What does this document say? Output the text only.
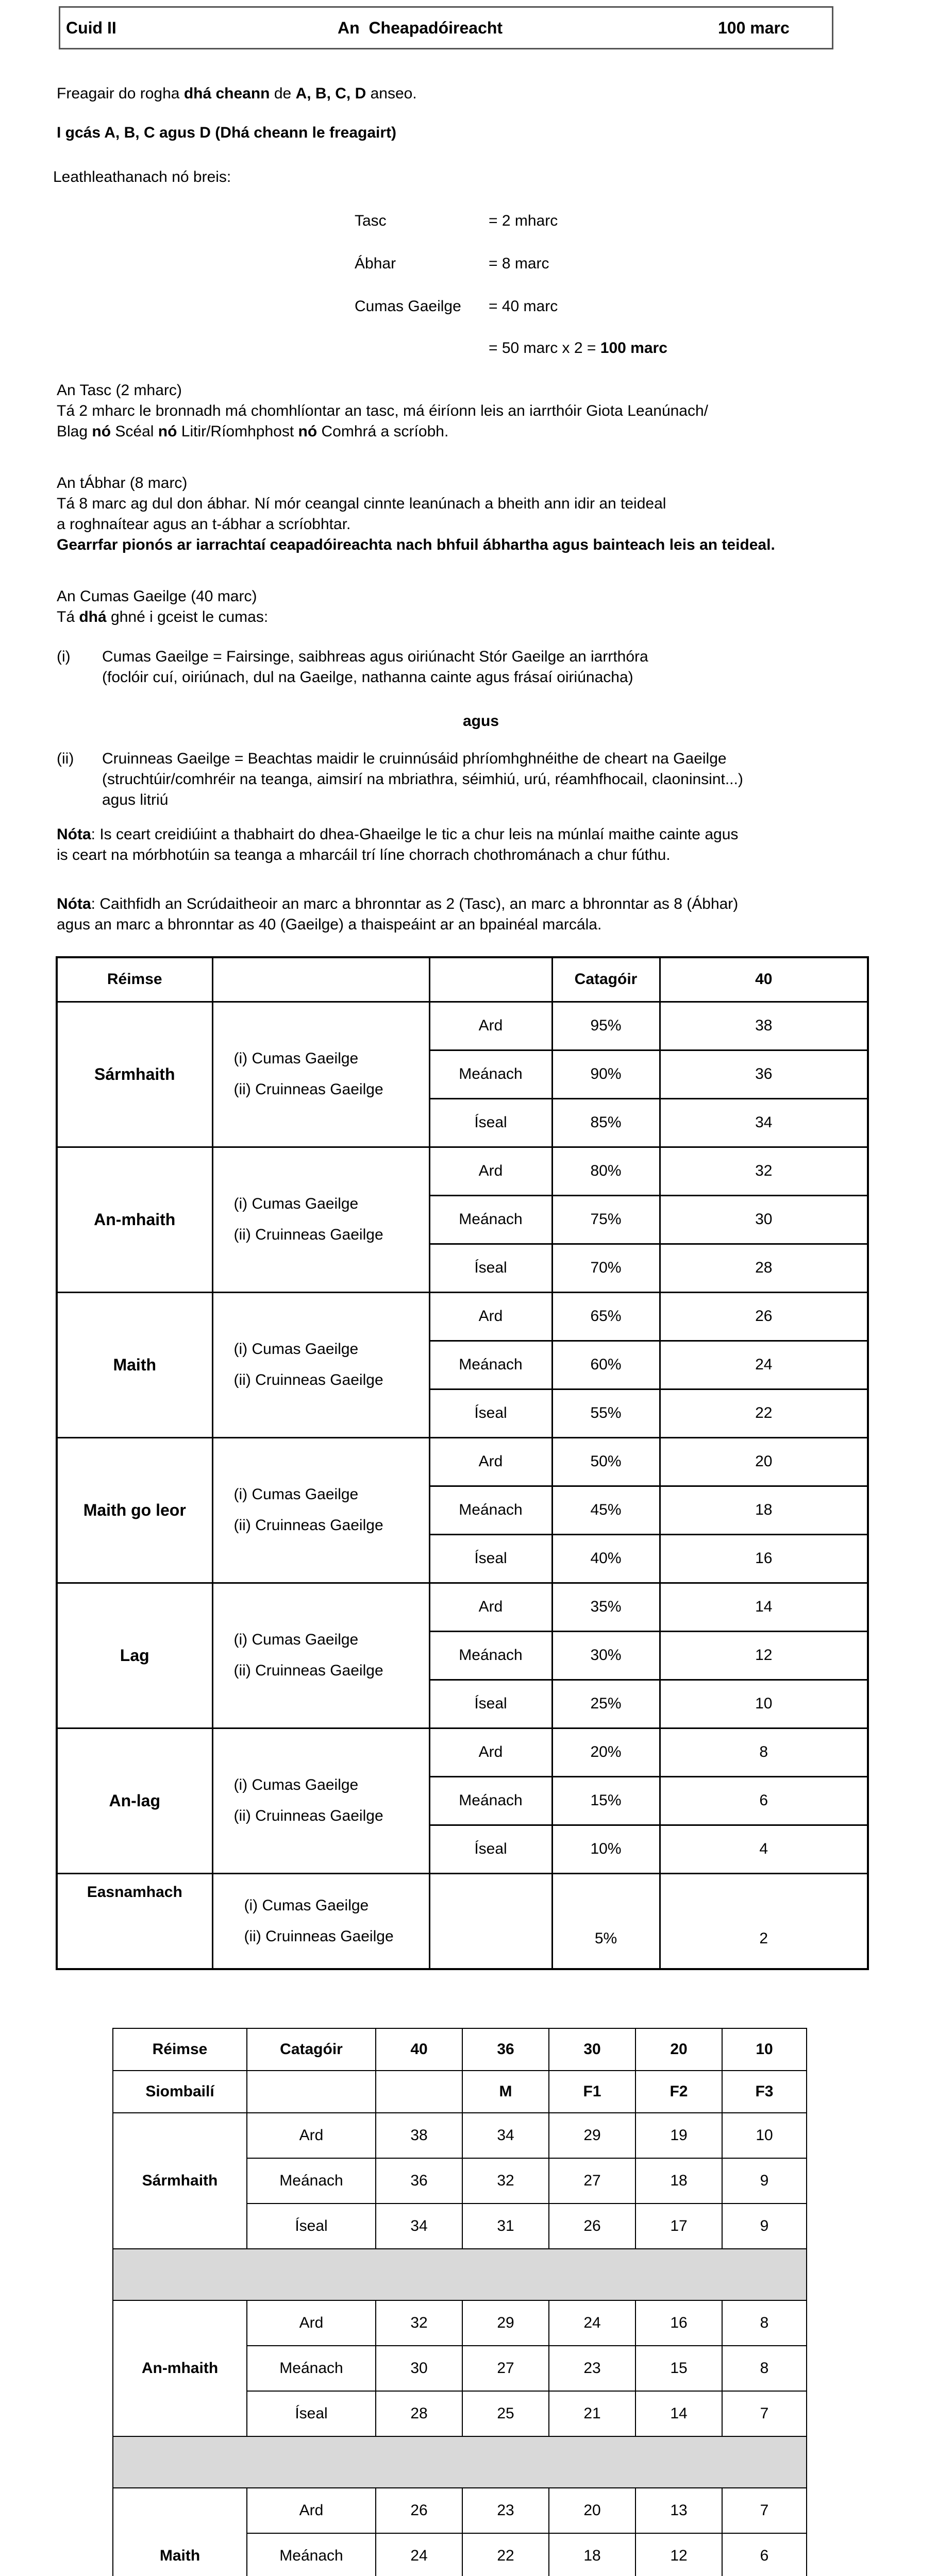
Cuid II	An  Cheapadóireacht	100 marc
Freagair do rogha dhá cheann de A, B, C, D anseo.
I gcás A, B, C agus D (Dhá cheann le freagairt)
Leathleathanach nó breis:
Tasc	= 2 mharc
Ábhar	= 8 marc
Cumas Gaeilge = 40 marc
= 50 marc x 2 = 100 marc
An Tasc (2 mharc)
Tá 2 mharc le bronnadh má chomhlíontar an tasc, má éiríonn leis an iarrthóir Giota Leanúnach/
Blag nó Scéal nó Litir/Ríomhphost nó Comhrá a scríobh.
An tÁbhar (8 marc)
Tá 8 marc ag dul don ábhar. Ní mór ceangal cinnte leanúnach a bheith ann idir an teideal
a roghnaítear agus an t-ábhar a scríobhtar.
Gearrfar pionós ar iarrachtaí ceapadóireachta nach bhfuil ábhartha agus bainteach leis an teideal.
An Cumas Gaeilge (40 marc)
Tá dhá ghné i gceist le cumas:
(i) Cumas Gaeilge = Fairsinge, saibhreas agus oiriúnacht Stór Gaeilge an iarrthóra
(foclóir cuí, oiriúnach, dul na Gaeilge, nathanna cainte agus frásaí oiriúnacha)
agus
(ii) Cruinneas Gaeilge = Beachtas maidir le cruinnúsáid phríomhghnéithe de cheart na Gaeilge
(struchtúir/comhréir na teanga, aimsirí na mbriathra, séimhiú, urú, réamhfhocail, claoninsint...)
agus litriú
Nóta: Is ceart creidiúint a thabhairt do dhea-Ghaeilge le tic a chur leis na múnlaí maithe cainte agus
is ceart na mórbhotúin sa teanga a mharcáil trí líne chorrach chothrománach a chur fúthu.
Nóta: Caithfidh an Scrúdaitheoir an marc a bhronntar as 2 (Tasc), an marc a bhronntar as 8 (Ábhar)
agus an marc a bhronntar as 40 (Gaeilge) a thaispeáint ar an bpainéal marcála.
Réimse			Catagóir	40
Sármhaith	(i) Cumas Gaeilge
(ii) Cruinneas Gaeilge	Ard	95%	38
		Meánach	90%	36
		Íseal	85%	34
An-mhaith	(i) Cumas Gaeilge
(ii) Cruinneas Gaeilge	Ard	80%	32
		Meánach	75%	30
		Íseal	70%	28
Maith	(i) Cumas Gaeilge
(ii) Cruinneas Gaeilge	Ard	65%	26
		Meánach	60%	24
		Íseal	55%	22
Maith go leor	(i) Cumas Gaeilge
(ii) Cruinneas Gaeilge	Ard	50%	20
		Meánach	45%	18
		Íseal	40%	16
Lag	(i) Cumas Gaeilge
(ii) Cruinneas Gaeilge	Ard	35%	14
		Meánach	30%	12
		Íseal	25%	10
An-lag	(i) Cumas Gaeilge
(ii) Cruinneas Gaeilge	Ard	20%	8
		Meánach	15%	6
		Íseal	10%	4
Easnamhach	(i) Cumas Gaeilge
(ii) Cruinneas Gaeilge		5%	2
Réimse	Catagóir	40	36	30	20	10
Siombailí			M	F1	F2	F3
Sármhaith	Ard	38	34	29	19	10
	Meánach	36	32	27	18	9
	Íseal	34	31	26	17	9

An-mhaith	Ard	32	29	24	16	8
	Meánach	30	27	23	15	8
	Íseal	28	25	21	14	7

Maith	Ard	26	23	20	13	7
	Meánach	24	22	18	12	6
